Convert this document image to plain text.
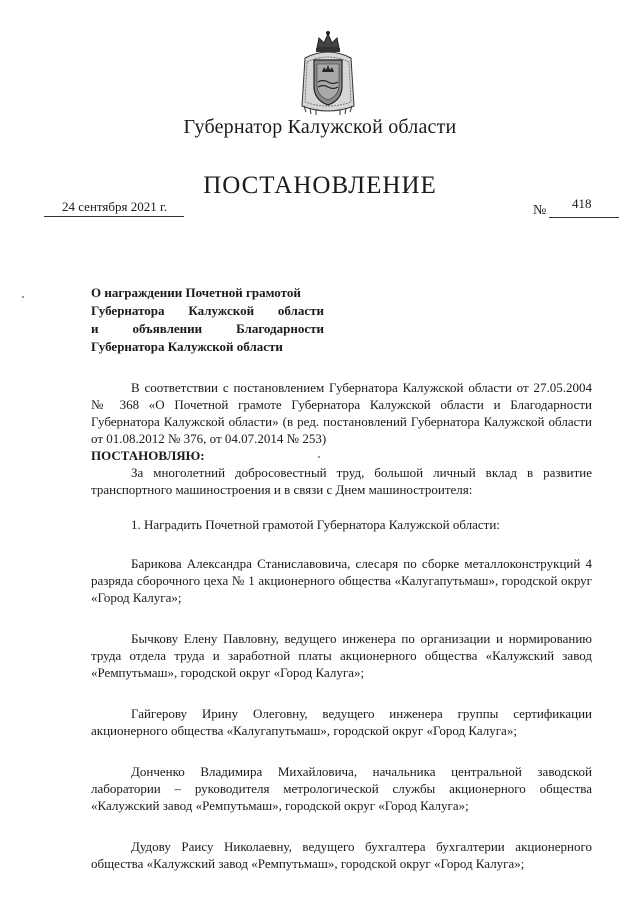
Губернатор Калужской области
ПОСТАНОВЛЕНИЕ
24 сентября 2021 г.	№ 418
О награждении Почетной грамотой
Губернатора Калужской области
и объявлении Благодарности
Губернатора Калужской области

В соответствии с постановлением Губернатора Калужской области от 27.05.2004 № 368 «О Почетной грамоте Губернатора Калужской области и Благодарности Губернатора Калужской области» (в ред. постановлений Губернатора Калужской области от 01.08.2012 № 376, от 04.07.2014 № 253)

ПОСТАНОВЛЯЮ:

За многолетний добросовестный труд, большой личный вклад в развитие транспортного машиностроения и в связи с Днем машиностроителя:

1. Наградить Почетной грамотой Губернатора Калужской области:

Барикова Александра Станиславовича, слесаря по сборке металлоконструкций 4 разряда сборочного цеха № 1 акционерного общества «Калугапутьмаш», городской округ «Город Калуга»;

Бычкову Елену Павловну, ведущего инженера по организации и нормированию труда отдела труда и заработной платы акционерного общества «Калужский завод «Ремпутьмаш», городской округ «Город Калуга»;

Гайгерову Ирину Олеговну, ведущего инженера группы сертификации акционерного общества «Калугапутьмаш», городской округ «Город Калуга»;

Донченко Владимира Михайловича, начальника центральной заводской лаборатории – руководителя метрологической службы акционерного общества «Калужский завод «Ремпутьмаш», городской округ «Город Калуга»;

Дудову Раису Николаевну, ведущего бухгалтера бухгалтерии акционерного общества «Калужский завод «Ремпутьмаш», городской округ «Город Калуга»;
